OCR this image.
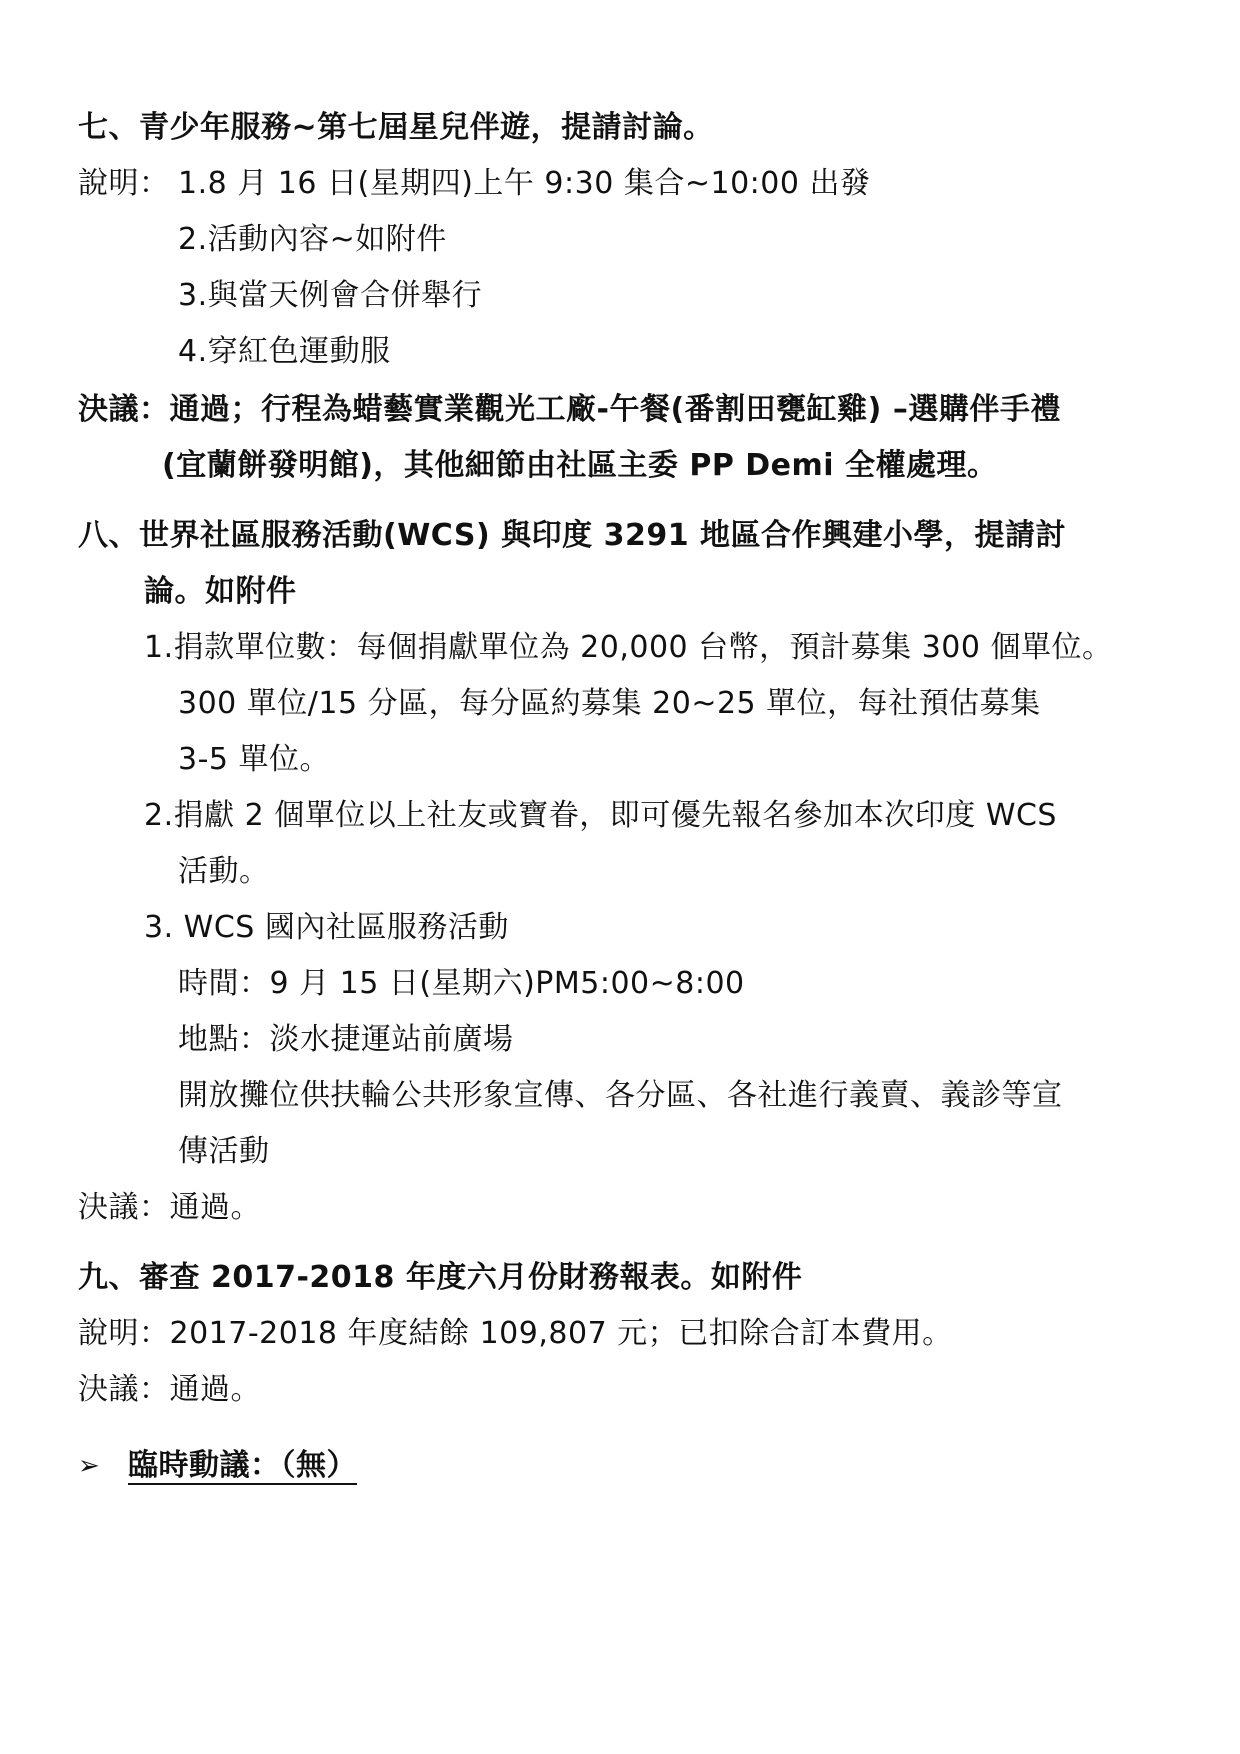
七、青少年服務~第七屆星兒伴遊，提請討論。
說明： 1.8 月 16 日(星期四)上午 9:30 集合~10:00 出發
2.活動內容~如附件
3.與當天例會合併舉行
4.穿紅色運動服
決議：通過；行程為蜡藝實業觀光工廠-午餐(番割田甕缸雞) –選購伴手禮
(宜蘭餅發明館)，其他細節由社區主委 PP Demi 全權處理。
八、世界社區服務活動(WCS) 與印度 3291 地區合作興建小學，提請討
論。如附件
1.捐款單位數：每個捐獻單位為 20,000 台幣，預計募集 300 個單位。
300 單位/15 分區，每分區約募集 20~25 單位，每社預估募集
3-5 單位。
2.捐獻 2 個單位以上社友或寶眷，即可優先報名參加本次印度 WCS
活動。
3. WCS 國內社區服務活動
時間：9 月 15 日(星期六)PM5:00~8:00
地點：淡水捷運站前廣場
開放攤位供扶輪公共形象宣傳、各分區、各社進行義賣、義診等宣
傳活動
決議：通過。
九、審查 2017-2018 年度六月份財務報表。如附件
說明：2017-2018 年度結餘 109,807 元；已扣除合訂本費用。
決議：通過。
➢ 臨時動議：（無）
